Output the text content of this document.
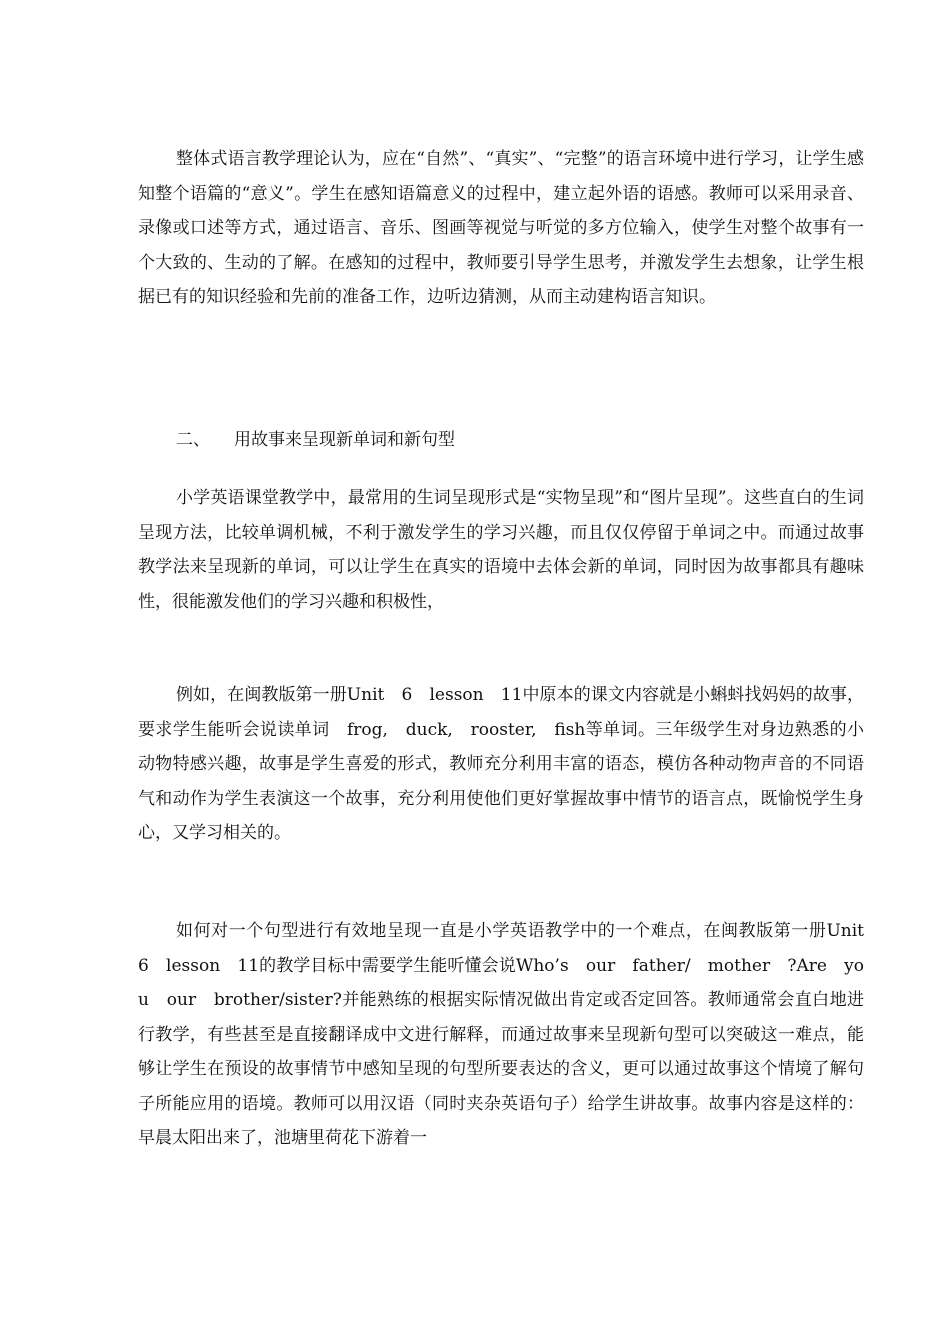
整体式语言教学理论认为，应在“自然”、“真实”、“完整”的语言环境中进行学习，让学生感知整个语篇的“意义”。学生在感知语篇意义的过程中，建立起外语的语感。教师可以采用录音、录像或口述等方式，通过语言、音乐、图画等视觉与听觉的多方位输入，使学生对整个故事有一个大致的、生动的了解。在感知的过程中，教师要引导学生思考，并激发学生去想象，让学生根据已有的知识经验和先前的准备工作，边听边猜测，从而主动建构语言知识。

二、 用故事来呈现新单词和新句型

小学英语课堂教学中，最常用的生词呈现形式是“实物呈现”和“图片呈现”。这些直白的生词呈现方法，比较单调机械，不利于激发学生的学习兴趣，而且仅仅停留于单词之中。而通过故事教学法来呈现新的单词，可以让学生在真实的语境中去体会新的单词，同时因为故事都具有趣味性，很能激发他们的学习兴趣和积极性，

例如，在闽教版第一册Unit　6　lesson　11中原本的课文内容就是小蝌蚪找妈妈的故事，要求学生能听会说读单词　frog,　duck,　rooster,　fish等单词。三年级学生对身边熟悉的小动物特感兴趣，故事是学生喜爱的形式，教师充分利用丰富的语态，模仿各种动物声音的不同语气和动作为学生表演这一个故事，充分利用使他们更好掌握故事中情节的语言点，既愉悦学生身心，又学习相关的。

如何对一个句型进行有效地呈现一直是小学英语教学中的一个难点，在闽教版第一册Unit　6　lesson　11的教学目标中需要学生能听懂会说Who’s　our　father/　mother　?Are　you　our　brother/sister?并能熟练的根据实际情况做出肯定或否定回答。教师通常会直白地进行教学，有些甚至是直接翻译成中文进行解释，而通过故事来呈现新句型可以突破这一难点，能够让学生在预设的故事情节中感知呈现的句型所要表达的含义，更可以通过故事这个情境了解句子所能应用的语境。教师可以用汉语（同时夹杂英语句子）给学生讲故事。故事内容是这样的：早晨太阳出来了，池塘里荷花下游着一
